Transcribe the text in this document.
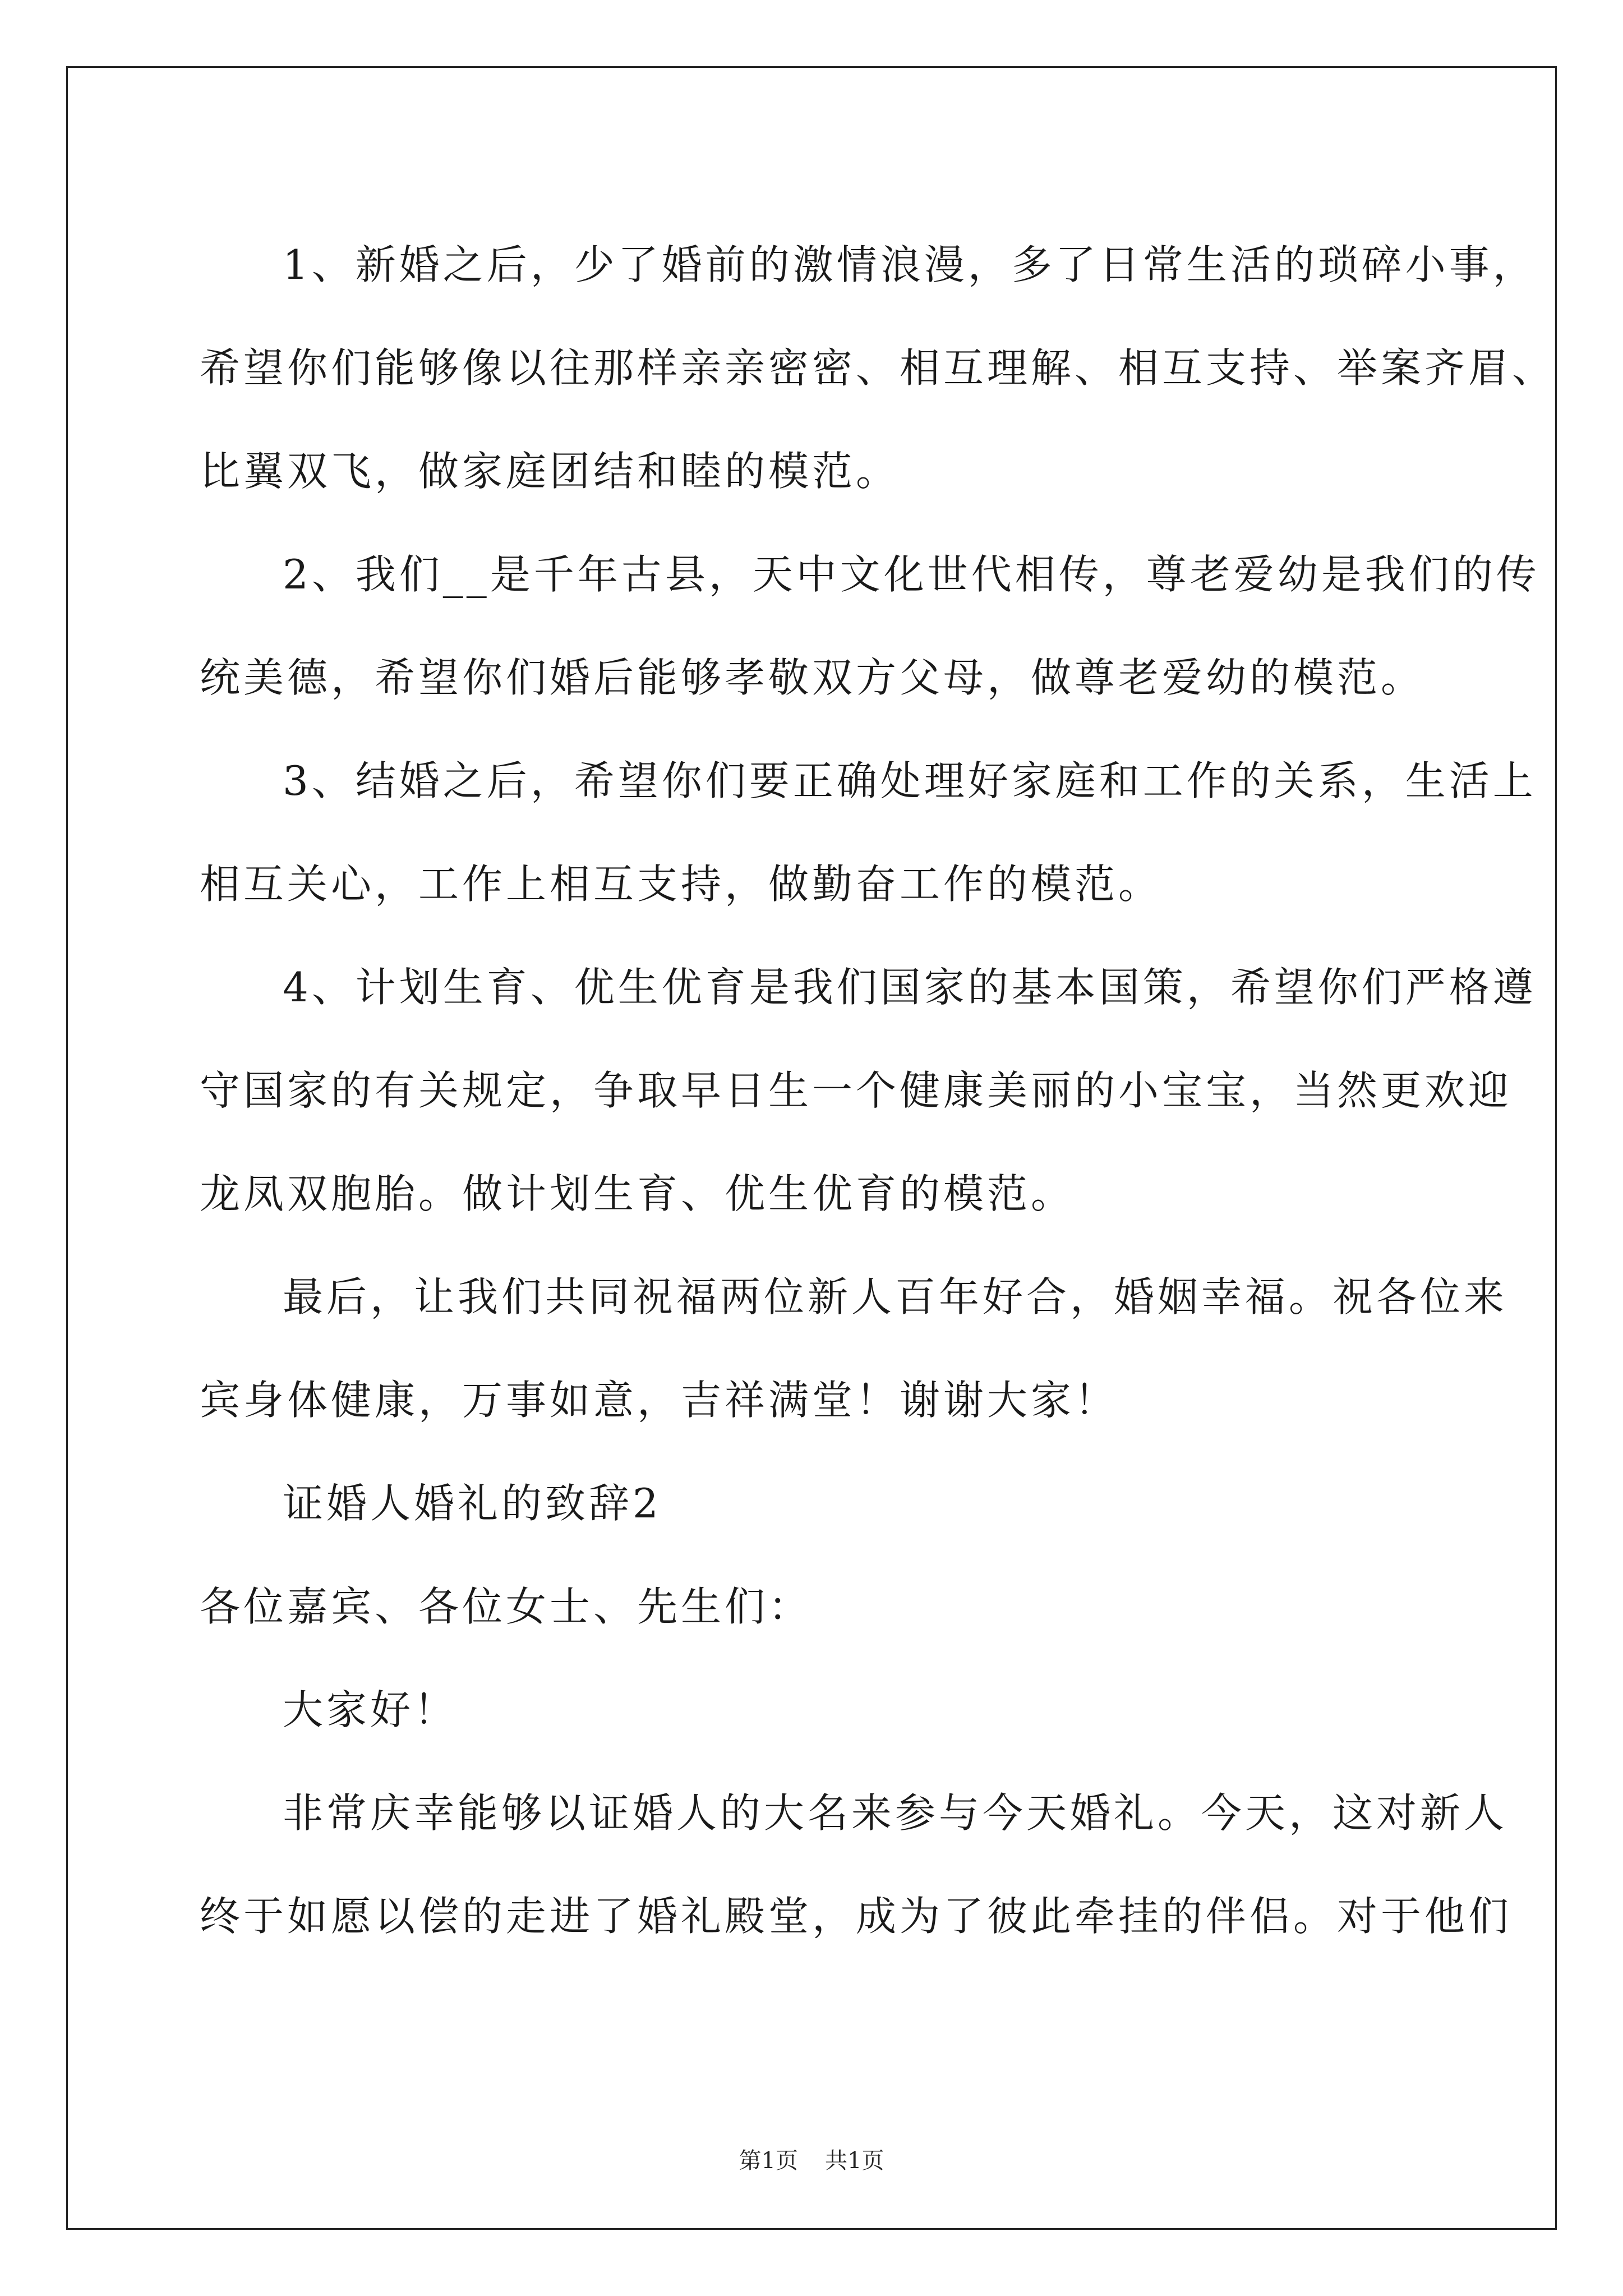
1、新婚之后，少了婚前的激情浪漫，多了日常生活的琐碎小事，

希望你们能够像以往那样亲亲密密、相互理解、相互支持、举案齐眉、

比翼双飞，做家庭团结和睦的模范。

2、我们__是千年古县，天中文化世代相传，尊老爱幼是我们的传

统美德，希望你们婚后能够孝敬双方父母，做尊老爱幼的模范。

3、结婚之后，希望你们要正确处理好家庭和工作的关系，生活上

相互关心，工作上相互支持，做勤奋工作的模范。

4、计划生育、优生优育是我们国家的基本国策，希望你们严格遵

守国家的有关规定，争取早日生一个健康美丽的小宝宝，当然更欢迎

龙凤双胞胎。做计划生育、优生优育的模范。

最后，让我们共同祝福两位新人百年好合，婚姻幸福。祝各位来

宾身体健康，万事如意，吉祥满堂！谢谢大家！

证婚人婚礼的致辞2

各位嘉宾、各位女士、先生们：

大家好！

非常庆幸能够以证婚人的大名来参与今天婚礼。今天，这对新人

终于如愿以偿的走进了婚礼殿堂，成为了彼此牵挂的伴侣。对于他们

第1页 共1页
